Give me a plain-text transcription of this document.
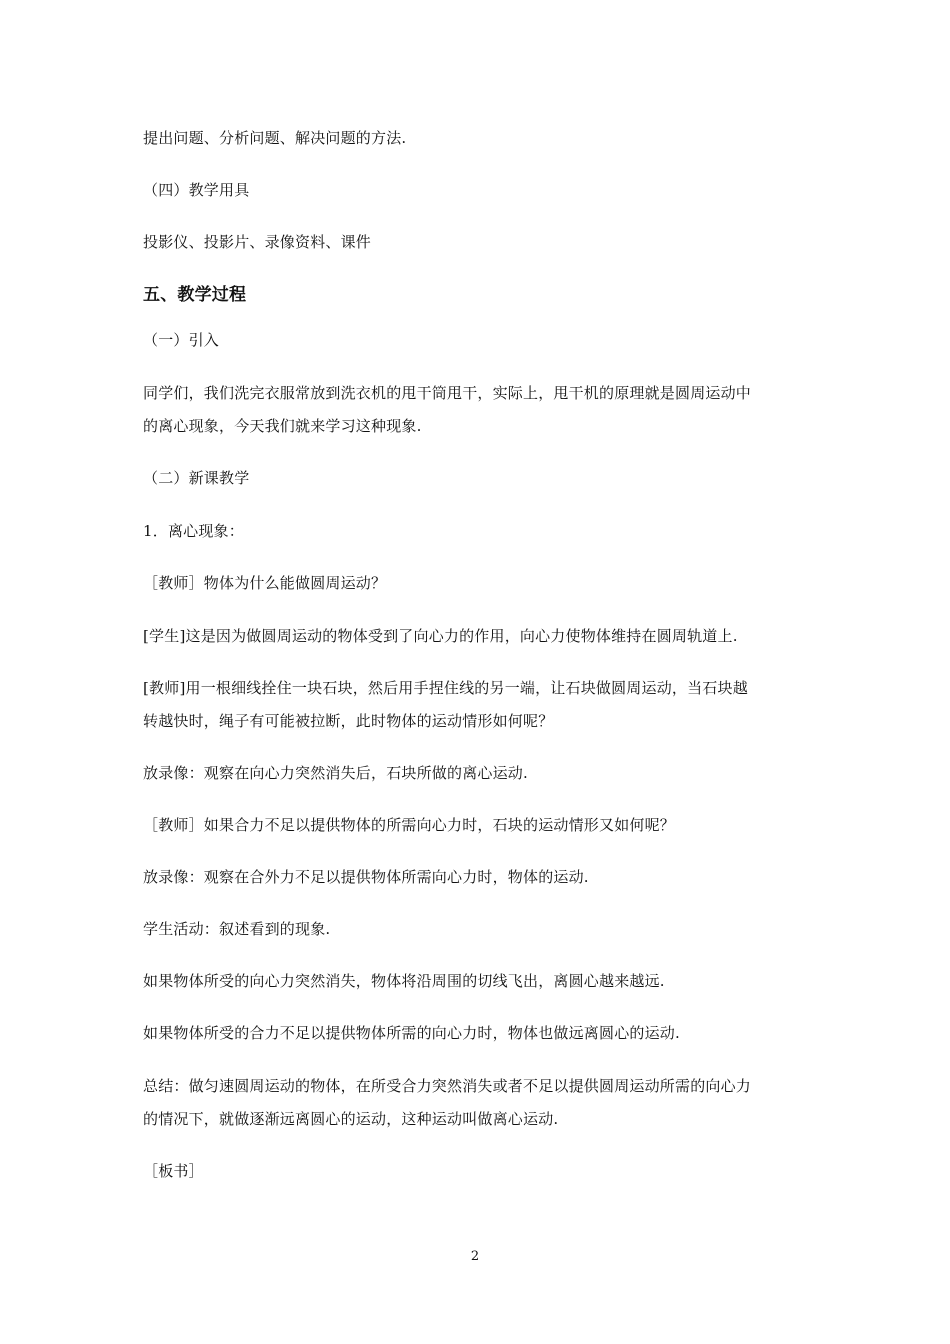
提出问题、分析问题、解决问题的方法.
（四）教学用具
投影仪、投影片、录像资料、课件
五、教学过程
（一）引入
同学们，我们洗完衣服常放到洗衣机的甩干筒甩干，实际上，甩干机的原理就是圆周运动中
的离心现象，今天我们就来学习这种现象.
（二）新课教学
1．离心现象：
［教师］物体为什么能做圆周运动？
[学生]这是因为做圆周运动的物体受到了向心力的作用，向心力使物体维持在圆周轨道上.
[教师]用一根细线拴住一块石块，然后用手捏住线的另一端，让石块做圆周运动，当石块越
转越快时，绳子有可能被拉断，此时物体的运动情形如何呢？
放录像：观察在向心力突然消失后，石块所做的离心运动.
［教师］如果合力不足以提供物体的所需向心力时，石块的运动情形又如何呢？
放录像：观察在合外力不足以提供物体所需向心力时，物体的运动.
学生活动：叙述看到的现象.
如果物体所受的向心力突然消失，物体将沿周围的切线飞出，离圆心越来越远.
如果物体所受的合力不足以提供物体所需的向心力时，物体也做远离圆心的运动.
总结：做匀速圆周运动的物体，在所受合力突然消失或者不足以提供圆周运动所需的向心力
的情况下，就做逐渐远离圆心的运动，这种运动叫做离心运动.
［板书］
2
